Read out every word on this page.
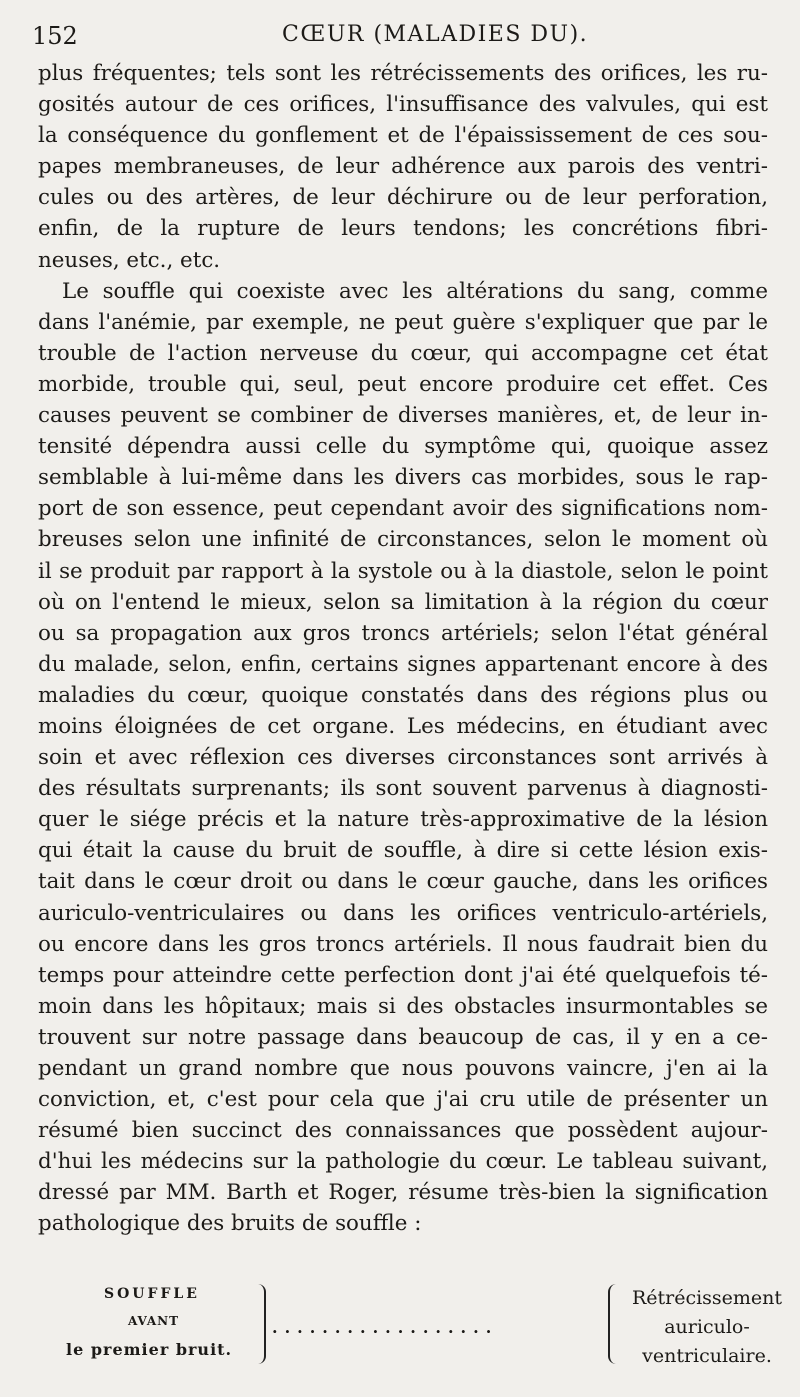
152	CŒUR (MALADIES DU).
plus fréquentes; tels sont les rétrécissements des orifices, les ru-
gosités autour de ces orifices, l'insuffisance des valvules, qui est
la conséquence du gonflement et de l'épaississement de ces sou-
papes membraneuses, de leur adhérence aux parois des ventri-
cules ou des artères, de leur déchirure ou de leur perforation,
enfin, de la rupture de leurs tendons; les concrétions fibri-
neuses, etc., etc.
Le souffle qui coexiste avec les altérations du sang, comme
dans l'anémie, par exemple, ne peut guère s'expliquer que par le
trouble de l'action nerveuse du cœur, qui accompagne cet état
morbide, trouble qui, seul, peut encore produire cet effet. Ces
causes peuvent se combiner de diverses manières, et, de leur in-
tensité dépendra aussi celle du symptôme qui, quoique assez
semblable à lui-même dans les divers cas morbides, sous le rap-
port de son essence, peut cependant avoir des significations nom-
breuses selon une infinité de circonstances, selon le moment où
il se produit par rapport à la systole ou à la diastole, selon le point
où on l'entend le mieux, selon sa limitation à la région du cœur
ou sa propagation aux gros troncs artériels; selon l'état général
du malade, selon, enfin, certains signes appartenant encore à des
maladies du cœur, quoique constatés dans des régions plus ou
moins éloignées de cet organe. Les médecins, en étudiant avec
soin et avec réflexion ces diverses circonstances sont arrivés à
des résultats surprenants; ils sont souvent parvenus à diagnosti-
quer le siége précis et la nature très-approximative de la lésion
qui était la cause du bruit de souffle, à dire si cette lésion exis-
tait dans le cœur droit ou dans le cœur gauche, dans les orifices
auriculo-ventriculaires ou dans les orifices ventriculo-artériels,
ou encore dans les gros troncs artériels. Il nous faudrait bien du
temps pour atteindre cette perfection dont j'ai été quelquefois té-
moin dans les hôpitaux; mais si des obstacles insurmontables se
trouvent sur notre passage dans beaucoup de cas, il y en a ce-
pendant un grand nombre que nous pouvons vaincre, j'en ai la
conviction, et, c'est pour cela que j'ai cru utile de présenter un
résumé bien succinct des connaissances que possèdent aujour-
d'hui les médecins sur la pathologie du cœur. Le tableau suivant,
dressé par MM. Barth et Roger, résume très-bien la signification
pathologique des bruits de souffle :
SOUFFLE
AVANT
le premier bruit.
..................
Rétrécissement
auriculo-
ventriculaire.
